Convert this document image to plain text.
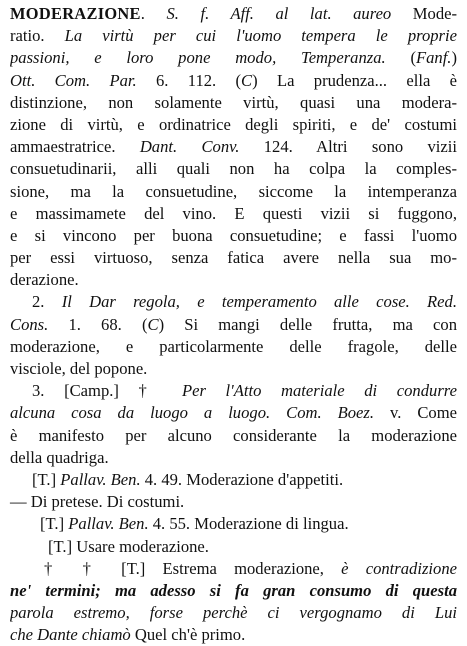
MODERAZIONE. S. f. Aff. al lat. aureo Mode-
ratio. La virtù per cui l'uomo tempera le proprie
passioni, e loro pone modo, Temperanza. (Fanf.)
Ott. Com. Par. 6. 112. (C) La prudenza... ella è
distinzione, non solamente virtù, quasi una modera-
zione di virtù, e ordinatrice degli spiriti, e de' costumi
ammaestratrice. Dant. Conv. 124. Altri sono vizii
consuetudinarii, alli quali non ha colpa la comples-
sione, ma la consuetudine, siccome la intemperanza
e massimamete del vino. E questi vizii si fuggono,
e si vincono per buona consuetudine; e fassi l'uomo
per essi virtuoso, senza fatica avere nella sua mo-
derazione.
2. Il Dar regola, e temperamento alle cose. Red.
Cons. 1. 68. (C) Si mangi delle frutta, ma con
moderazione, e particolarmente delle fragole, delle
visciole, del popone.
3. [Camp.] † Per l'Atto materiale di condurre
alcuna cosa da luogo a luogo. Com. Boez. v. Come
è manifesto per alcuno considerante la moderazione
della quadriga.
[T.] Pallav. Ben. 4. 49. Moderazione d'appetiti.
— Di pretese. Di costumi.
[T.] Pallav. Ben. 4. 55. Moderazione di lingua.
[T.] Usare moderazione.
† † [T.] Estrema moderazione, è contradizione
ne' termini; ma adesso si fa gran consumo di questa
parola estremo, forse perchè ci vergognamo di Lui
che Dante chiamò Quel ch'è primo.
